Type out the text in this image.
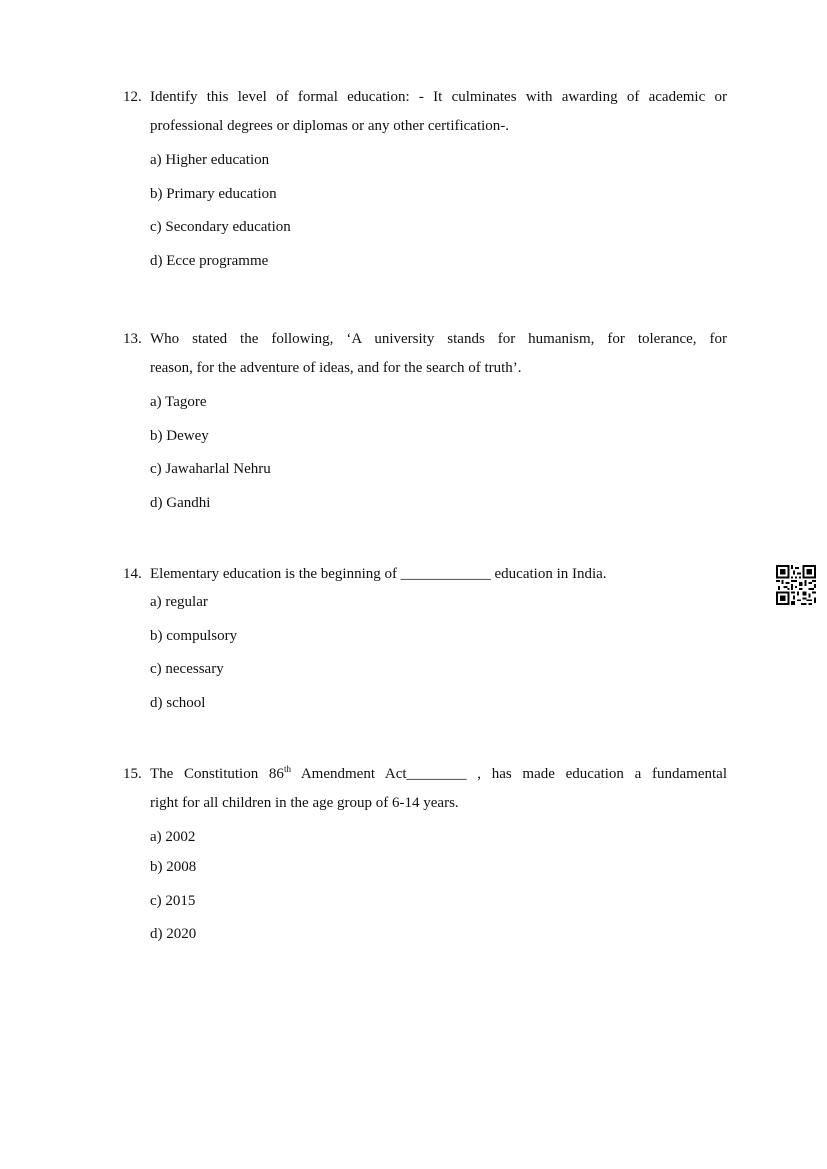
12. Identify this level of formal education: - It culminates with awarding of academic or
professional degrees or diplomas or any other certification-.
a) Higher education
b) Primary education
c) Secondary education
d) Ecce programme
13. Who stated the following, ‘A university stands for humanism, for tolerance, for
reason, for the adventure of ideas, and for the search of truth’.
a) Tagore
b) Dewey
c) Jawaharlal Nehru
d) Gandhi
14. Elementary education is the beginning of ____________ education in India.
a) regular
b) compulsory
c) necessary
d) school
15. The Constitution 86th Amendment Act________ , has made education a fundamental
right for all children in the age group of 6-14 years.
a) 2002
b) 2008
c) 2015
d) 2020
